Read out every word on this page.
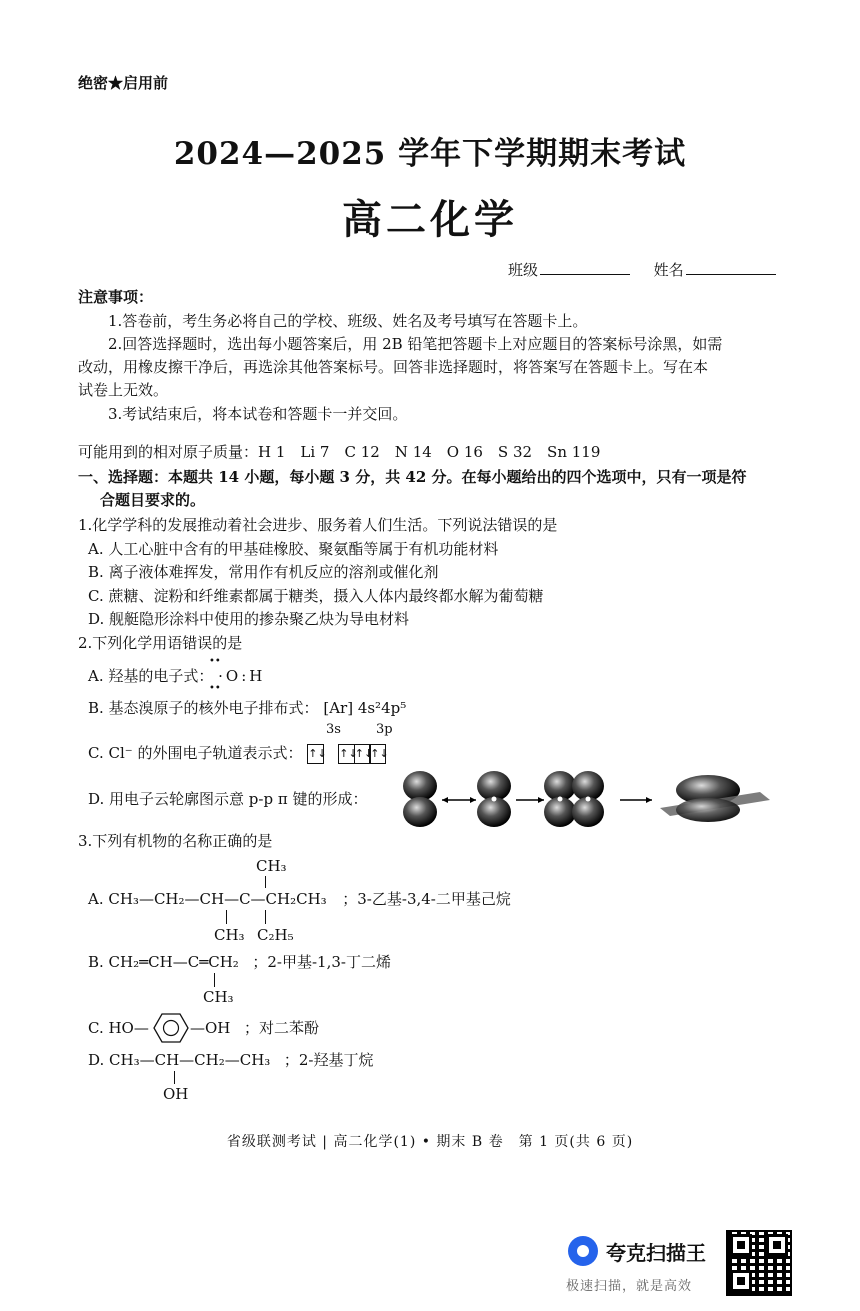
绝密★启用前
2024—2025 学年下学期期末考试
高二化学
班级	姓名
注意事项：
1.答卷前，考生务必将自己的学校、班级、姓名及考号填写在答题卡上。
2.回答选择题时，选出每小题答案后，用 2B 铅笔把答题卡上对应题目的答案标号涂黑，如需
改动，用橡皮擦干净后，再选涂其他答案标号。回答非选择题时，将答案写在答题卡上。写在本
试卷上无效。
3.考试结束后，将本试卷和答题卡一并交回。
可能用到的相对原子质量：H 1　Li 7　C 12　N 14　O 16　S 32　Sn 119
一、选择题：本题共 14 小题，每小题 3 分，共 42 分。在每小题给出的四个选项中，只有一项是符
合题目要求的。
1.化学学科的发展推动着社会进步、服务着人们生活。下列说法错误的是
A. 人工心脏中含有的甲基硅橡胶、聚氨酯等属于有机功能材料
B. 离子液体难挥发，常用作有机反应的溶剂或催化剂
C. 蔗糖、淀粉和纤维素都属于糖类，摄入人体内最终都水解为葡萄糖
D. 舰艇隐形涂料中使用的掺杂聚乙炔为导电材料
2.下列化学用语错误的是
A. 羟基的电子式： ·O:H
••
••
B. 基态溴原子的核外电子排布式： [Ar] 4s²4p⁵
3s	3p
C. Cl⁻ 的外围电子轨道表示式： ↑↓ ↑↓↑↓↑↓
D. 用电子云轮廓图示意 p-p π 键的形成：
3.下列有机物的名称正确的是
CH₃
A. CH₃—CH₂—CH—C—CH₂CH₃ ；3-乙基-3,4-二甲基己烷
CH₃ C₂H₅
B. CH₂═CH—C═CH₂ ；2-甲基-1,3-丁二烯
CH₃
C. HO—	—OH ；对二苯酚
D. CH₃—CH—CH₂—CH₃ ；2-羟基丁烷
OH
省级联测考试 | 高二化学(1) • 期末 B 卷　第 1 页(共 6 页)
夸克扫描王
极速扫描，就是高效
